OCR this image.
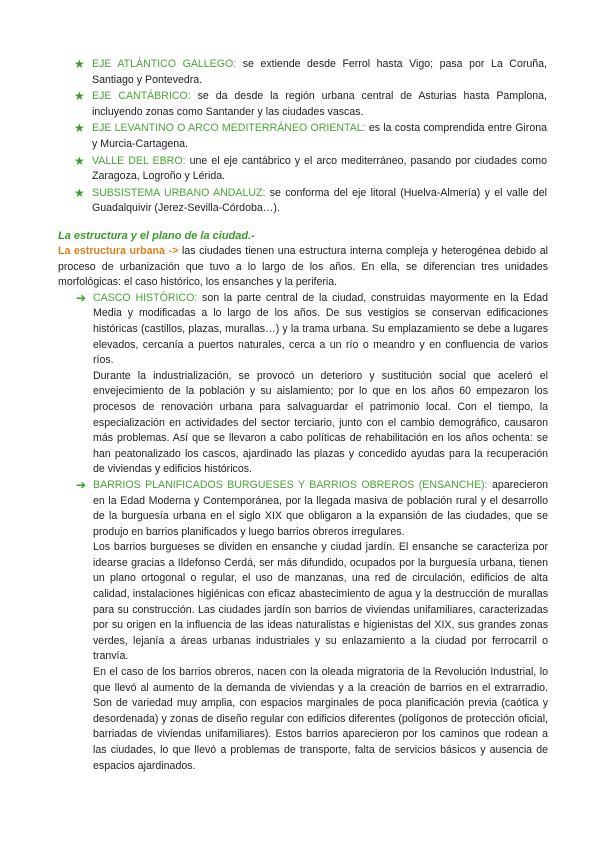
★ EJE ATLÁNTICO GALLEGO: se extiende desde Ferrol hasta Vigo; pasa por La Coruña, Santiago y Pontevedra.
★ EJE CANTÁBRICO: se da desde la región urbana central de Asturias hasta Pamplona, incluyendo zonas como Santander y las ciudades vascas.
★ EJE LEVANTINO O ARCO MEDITERRÁNEO ORIENTAL: es la costa comprendida entre Girona y Murcia-Cartagena.
★ VALLE DEL EBRO: une el eje cantábrico y el arco mediterráneo, pasando por ciudades como Zaragoza, Logroño y Lérida.
★ SUBSISTEMA URBANO ANDALUZ: se conforma del eje litoral (Huelva-Almería) y el valle del Guadalquivir (Jerez-Sevilla-Córdoba…).

La estructura y el plano de la ciudad.-

La estructura urbana -> las ciudades tienen una estructura interna compleja y heterogénea debido al proceso de urbanización que tuvo a lo largo de los años. En ella, se diferencian tres unidades morfológicas: el caso histórico, los ensanches y la periferia.

➔ CASCO HISTÓRICO: son la parte central de la ciudad, construidas mayormente en la Edad Media y modificadas a lo largo de los años. De sus vestigios se conservan edificaciones históricas (castillos, plazas, murallas…) y la trama urbana. Su emplazamiento se debe a lugares elevados, cercanía a puertos naturales, cerca a un río o meandro y en confluencia de varios ríos.

Durante la industrialización, se provocó un deterioro y sustitución social que aceleró el envejecimiento de la población y su aislamiento; por lo que en los años 60 empezaron los procesos de renovación urbana para salvaguardar el patrimonio local. Con el tiempo, la especialización en actividades del sector terciario, junto con el cambio demográfico, causaron más problemas. Así que se llevaron a cabo políticas de rehabilitación en los años ochenta: se han peatonalizado los cascos, ajardinado las plazas y concedido ayudas para la recuperación de viviendas y edificios históricos.

➔ BARRIOS PLANIFICADOS BURGUESES Y BARRIOS OBREROS (ENSANCHE): aparecieron en la Edad Moderna y Contemporánea, por la llegada masiva de población rural y el desarrollo de la burguesía urbana en el siglo XIX que obligaron a la expansión de las ciudades, que se produjo en barrios planificados y luego barrios obreros irregulares.

Los barrios burgueses se dividen en ensanche y ciudad jardín. El ensanche se caracteriza por idearse gracias a Ildefonso Cerdá, ser más difundido, ocupados por la burguesía urbana, tienen un plano ortogonal o regular, el uso de manzanas, una red de circulación, edificios de alta calidad, instalaciones higiénicas con eficaz abastecimiento de agua y la destrucción de murallas para su construcción. Las ciudades jardín son barrios de viviendas unifamiliares, caracterizadas por su origen en la influencia de las ideas naturalistas e higienistas del XIX, sus grandes zonas verdes, lejanía a áreas urbanas industriales y su enlazamiento a la ciudad por ferrocarril o tranvía.

En el caso de los barrios obreros, nacen con la oleada migratoria de la Revolución Industrial, lo que llevó al aumento de la demanda de viviendas y a la creación de barrios en el extrarradio. Son de variedad muy amplia, con espacios marginales de poca planificación previa (caótica y desordenada) y zonas de diseño regular con edificios diferentes (polígonos de protección oficial, barriadas de viviendas unifamiliares). Estos barrios aparecieron por los caminos que rodean a las ciudades, lo que llevó a problemas de transporte, falta de servicios básicos y ausencia de espacios ajardinados.
